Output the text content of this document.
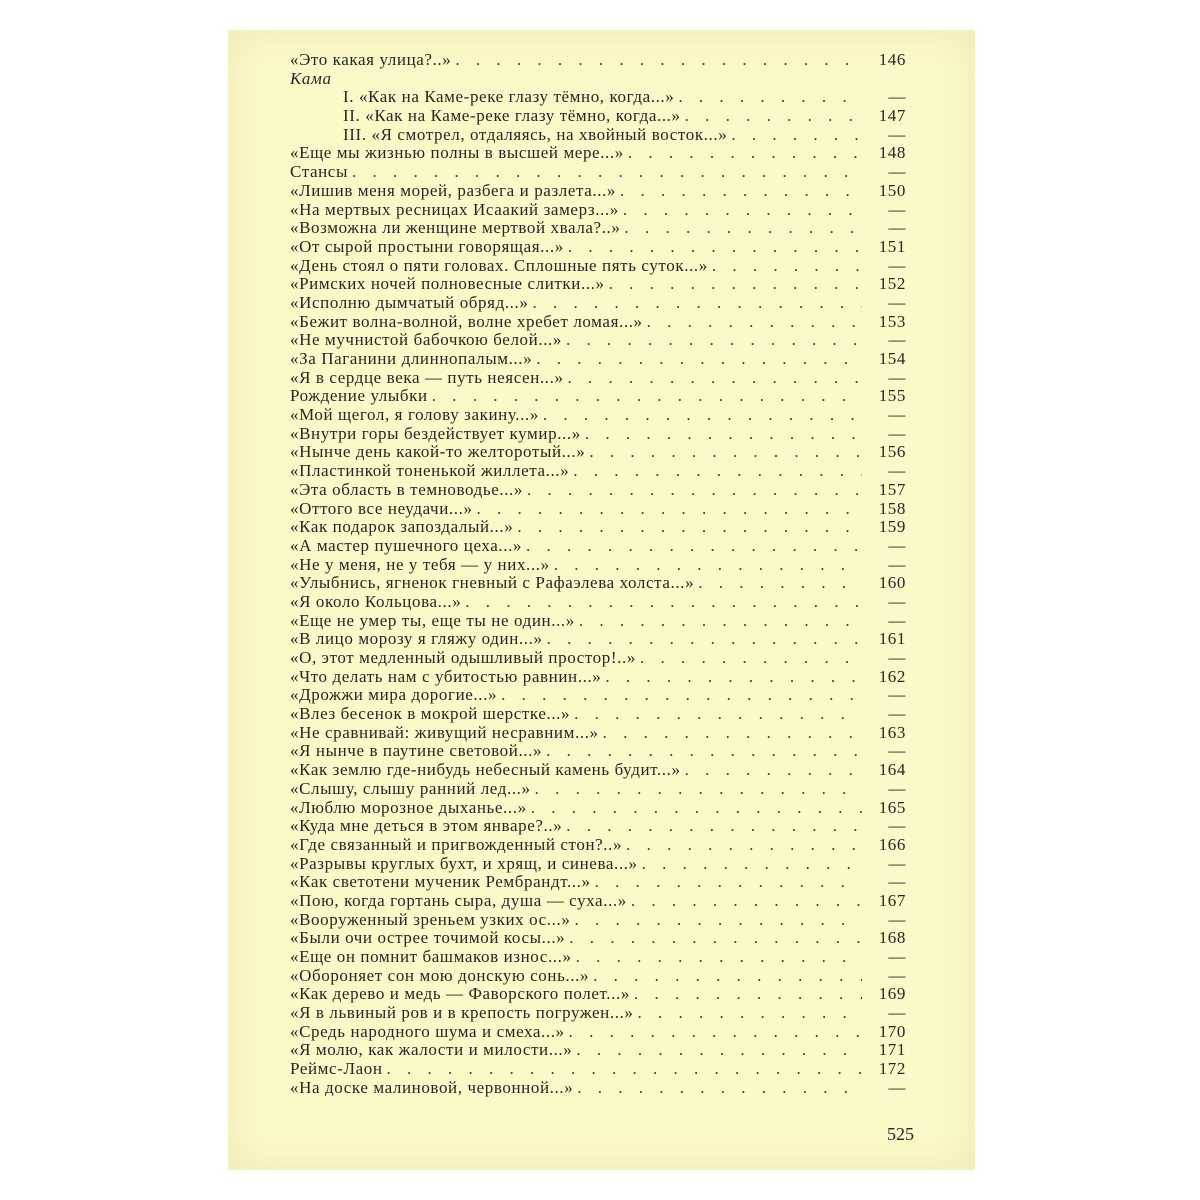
«Это какая улица?..» . . .	146
Кама
I. «Как на Каме-реке глазу тёмно, когда...» . . .	—
II. «Как на Каме-реке глазу тёмно, когда...» . . .	147
III. «Я смотрел, отдаляясь, на хвойный восток...» . . .	—
«Еще мы жизнью полны в высшей мере...» . . .	148
Стансы . . .	—
«Лишив меня морей, разбега и разлета...» . . .	150
«На мертвых ресницах Исаакий замерз...» . . .	—
«Возможна ли женщине мертвой хвала?..» . . .	—
«От сырой простыни говорящая...» . . .	151
«День стоял о пяти головах. Сплошные пять суток...» . . .	—
«Римских ночей полновесные слитки...» . . .	152
«Исполню дымчатый обряд...» . . .	—
«Бежит волна-волной, волне хребет ломая...» . . .	153
«Не мучнистой бабочкою белой...» . . .	—
«За Паганини длиннопалым...» . . .	154
«Я в сердце века — путь неясен...» . . .	—
Рождение улыбки . . .	155
«Мой щегол, я голову закину...» . . .	—
«Внутри горы бездействует кумир...» . . .	—
«Нынче день какой-то желторотый...» . . .	156
«Пластинкой тоненькой жиллета...» . . .	—
«Эта область в темноводье...» . . .	157
«Оттого все неудачи...» . . .	158
«Как подарок запоздалый...» . . .	159
«А мастер пушечного цеха...» . . .	—
«Не у меня, не у тебя — у них...» . . .	—
«Улыбнись, ягненок гневный с Рафаэлева холста...» . . .	160
«Я около Кольцова...» . . .	—
«Еще не умер ты, еще ты не один...» . . .	—
«В лицо морозу я гляжу один...» . . .	161
«О, этот медленный одышливый простор!..» . . .	—
«Что делать нам с убитостью равнин...» . . .	162
«Дрожжи мира дорогие...» . . .	—
«Влез бесенок в мокрой шерстке...» . . .	—
«Не сравнивай: живущий несравним...» . . .	163
«Я нынче в паутине световой...» . . .	—
«Как землю где-нибудь небесный камень будит...» . . .	164
«Слышу, слышу ранний лед...» . . .	—
«Люблю морозное дыханье...» . . .	165
«Куда мне деться в этом январе?..» . . .	—
«Где связанный и пригвожденный стон?..» . . .	166
«Разрывы круглых бухт, и хрящ, и синева...» . . .	—
«Как светотени мученик Рембрандт...» . . .	—
«Пою, когда гортань сыра, душа — суха...» . . .	167
«Вооруженный зреньем узких ос...» . . .	—
«Были очи острее точимой косы...» . . .	168
«Еще он помнит башмаков износ...» . . .	—
«Обороняет сон мою донскую сонь...» . . .	—
«Как дерево и медь — Фаворского полет...» . . .	169
«Я в львиный ров и в крепость погружен...» . . .	—
«Средь народного шума и смеха...» . . .	170
«Я молю, как жалости и милости...» . . .	171
Реймс-Лаон . . .	172
«На доске малиновой, червонной...» . . .	—
525
